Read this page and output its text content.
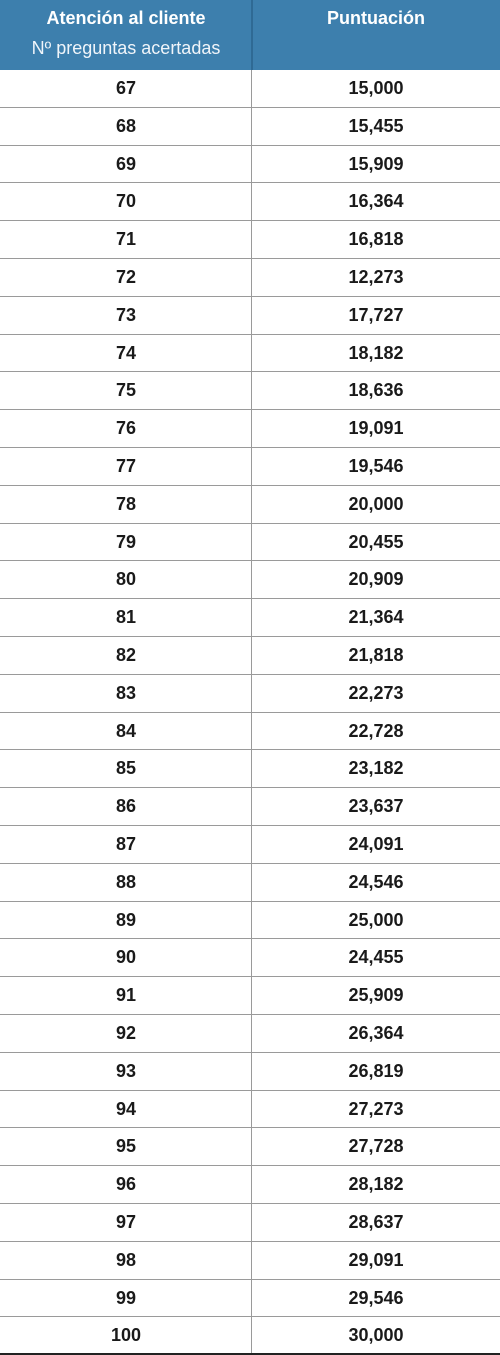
Atención al cliente
Nº preguntas acertadas
Puntuación
67	15,000
68	15,455
69	15,909
70	16,364
71	16,818
72	12,273
73	17,727
74	18,182
75	18,636
76	19,091
77	19,546
78	20,000
79	20,455
80	20,909
81	21,364
82	21,818
83	22,273
84	22,728
85	23,182
86	23,637
87	24,091
88	24,546
89	25,000
90	24,455
91	25,909
92	26,364
93	26,819
94	27,273
95	27,728
96	28,182
97	28,637
98	29,091
99	29,546
100	30,000
